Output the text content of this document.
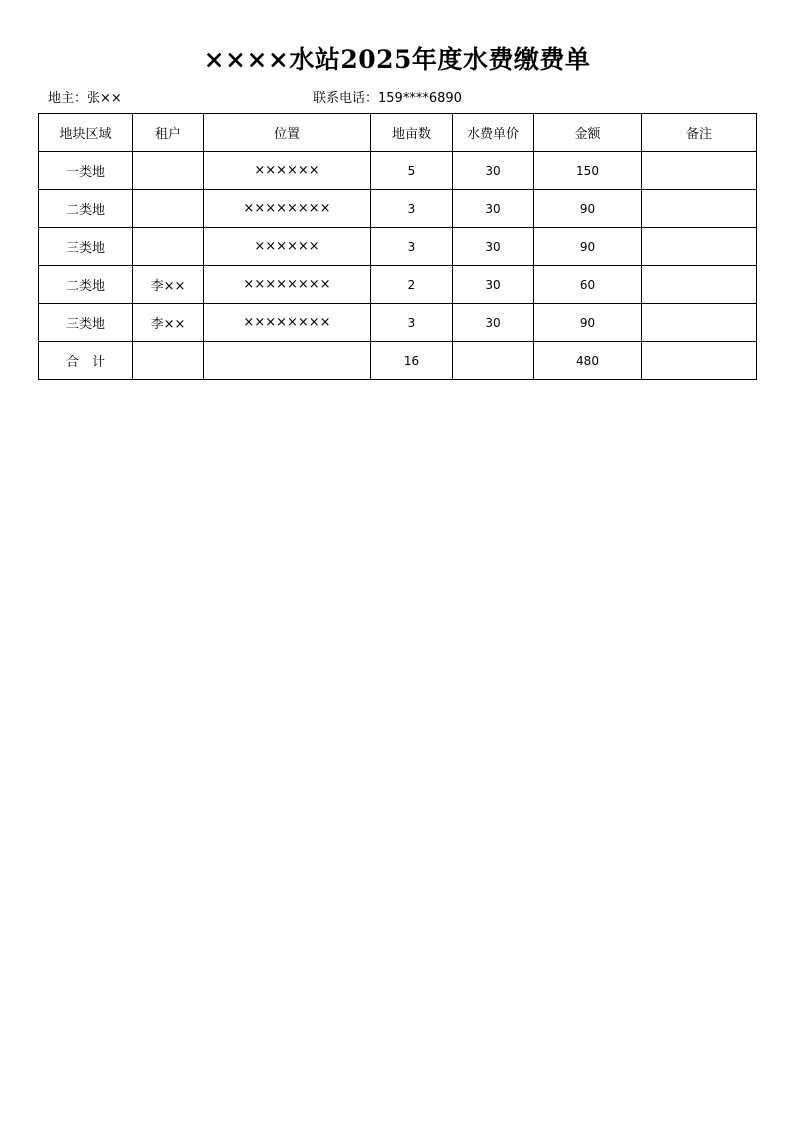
××××水站2025年度水费缴费单
地主：张××	联系电话：159****6890
地块区域	租户	位置	地亩数	水费单价	金额	备注
一类地		××××××	5	30	150	
二类地		××××××××	3	30	90	
三类地		××××××	3	30	90	
二类地	李××	××××××××	2	30	60	
三类地	李××	××××××××	3	30	90	
合　计			16		480	
